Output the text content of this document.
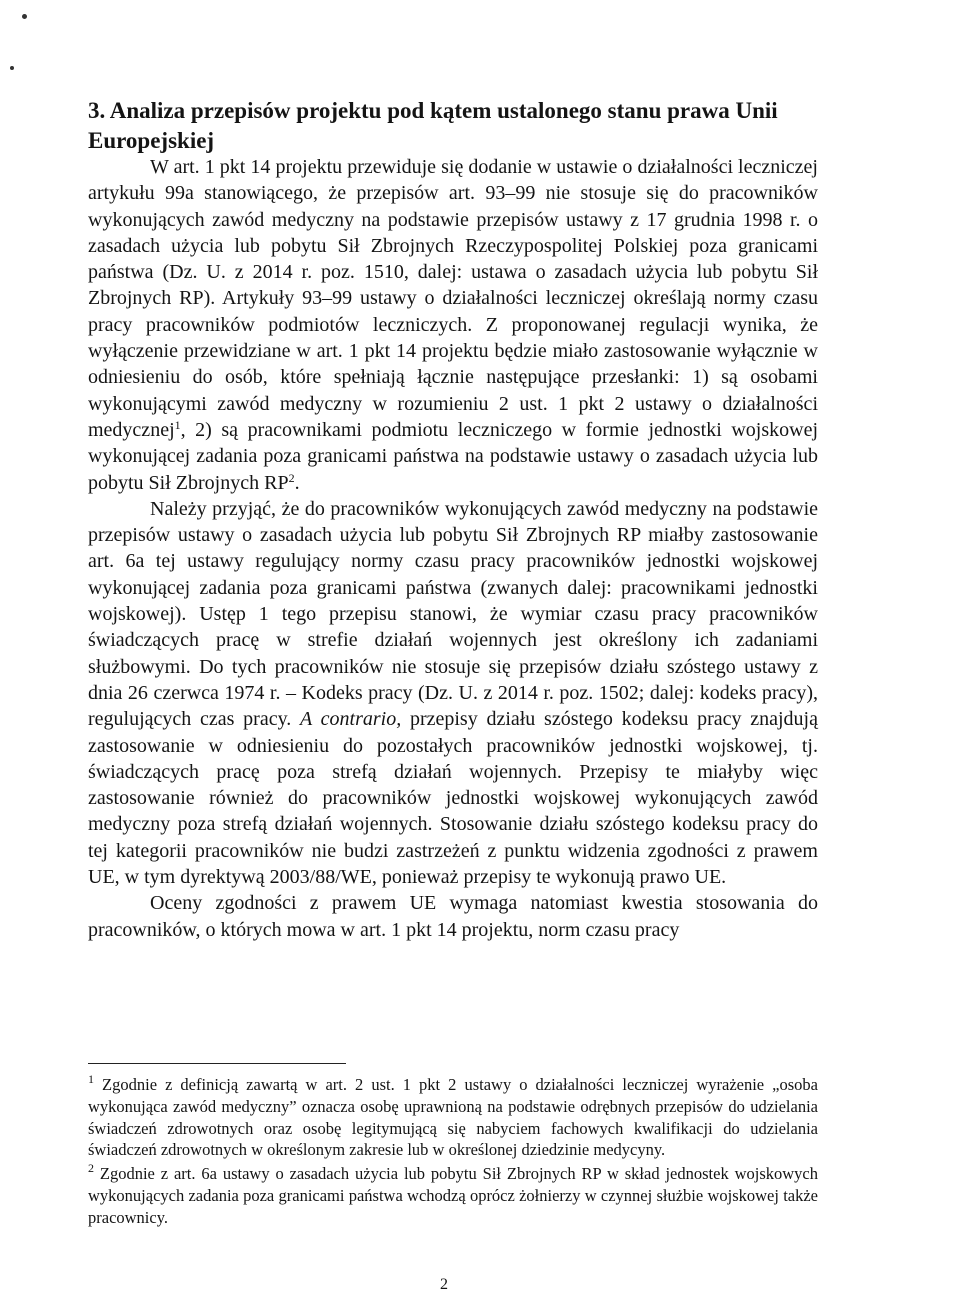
3. Analiza przepisów projektu pod kątem ustalonego stanu prawa Unii Europejskiej

W art. 1 pkt 14 projektu przewiduje się dodanie w ustawie o działalności leczniczej artykułu 99a stanowiącego, że przepisów art. 93–99 nie stosuje się do pracowników wykonujących zawód medyczny na podstawie przepisów ustawy z 17 grudnia 1998 r. o zasadach użycia lub pobytu Sił Zbrojnych Rzeczypospolitej Polskiej poza granicami państwa (Dz. U. z 2014 r. poz. 1510, dalej: ustawa o zasadach użycia lub pobytu Sił Zbrojnych RP). Artykuły 93–99 ustawy o działalności leczniczej określają normy czasu pracy pracowników podmiotów leczniczych. Z proponowanej regulacji wynika, że wyłączenie przewidziane w art. 1 pkt 14 projektu będzie miało zastosowanie wyłącznie w odniesieniu do osób, które spełniają łącznie następujące przesłanki: 1) są osobami wykonującymi zawód medyczny w rozumieniu 2 ust. 1 pkt 2 ustawy o działalności medycznej$^1$, 2) są pracownikami podmiotu leczniczego w formie jednostki wojskowej wykonującej zadania poza granicami państwa na podstawie ustawy o zasadach użycia lub pobytu Sił Zbrojnych $RP^2$.

Należy przyjąć, że do pracowników wykonujących zawód medyczny na podstawie przepisów ustawy o zasadach użycia lub pobytu Sił Zbrojnych RP miałby zastosowanie art. 6a tej ustawy regulujący normy czasu pracy pracowników jednostki wojskowej wykonującej zadania poza granicami państwa (zwanych dalej: pracownikami jednostki wojskowej). Ustęp 1 tego przepisu stanowi, że wymiar czasu pracy pracowników świadczących pracę w strefie działań wojennych jest określony ich zadaniami służbowymi. Do tych pracowników nie stosuje się przepisów działu szóstego ustawy z dnia 26 czerwca 1974 r. – Kodeks pracy (Dz. U. z 2014 r. poz. 1502; dalej: kodeks pracy), regulujących czas pracy. A contrario, przepisy działu szóstego kodeksu pracy znajdują zastosowanie w odniesieniu do pozostałych pracowników jednostki wojskowej, tj. świadczących pracę poza strefą działań wojennych. Przepisy te miałyby więc zastosowanie również do pracowników jednostki wojskowej wykonujących zawód medyczny poza strefą działań wojennych. Stosowanie działu szóstego kodeksu pracy do tej kategorii pracowników nie budzi zastrzeżeń z punktu widzenia zgodności z prawem UE, w tym dyrektywą 2003/88/WE, ponieważ przepisy te wykonują prawo UE.

Oceny zgodności z prawem UE wymaga natomiast kwestia stosowania do pracowników, o których mowa w art. 1 pkt 14 projektu, norm czasu pracy

$^1$ Zgodnie z definicją zawartą w art. 2 ust. 1 pkt 2 ustawy o działalności leczniczej wyrażenie „osoba wykonująca zawód medyczny” oznacza osobę uprawnioną na podstawie odrębnych przepisów do udzielania świadczeń zdrowotnych oraz osobę legitymującą się nabyciem fachowych kwalifikacji do udzielania świadczeń zdrowotnych w określonym zakresie lub w określonej dziedzinie medycyny.

$^2$ Zgodnie z art. 6a ustawy o zasadach użycia lub pobytu Sił Zbrojnych RP w skład jednostek wojskowych wykonujących zadania poza granicami państwa wchodzą oprócz żołnierzy w czynnej służbie wojskowej także pracownicy.

2
